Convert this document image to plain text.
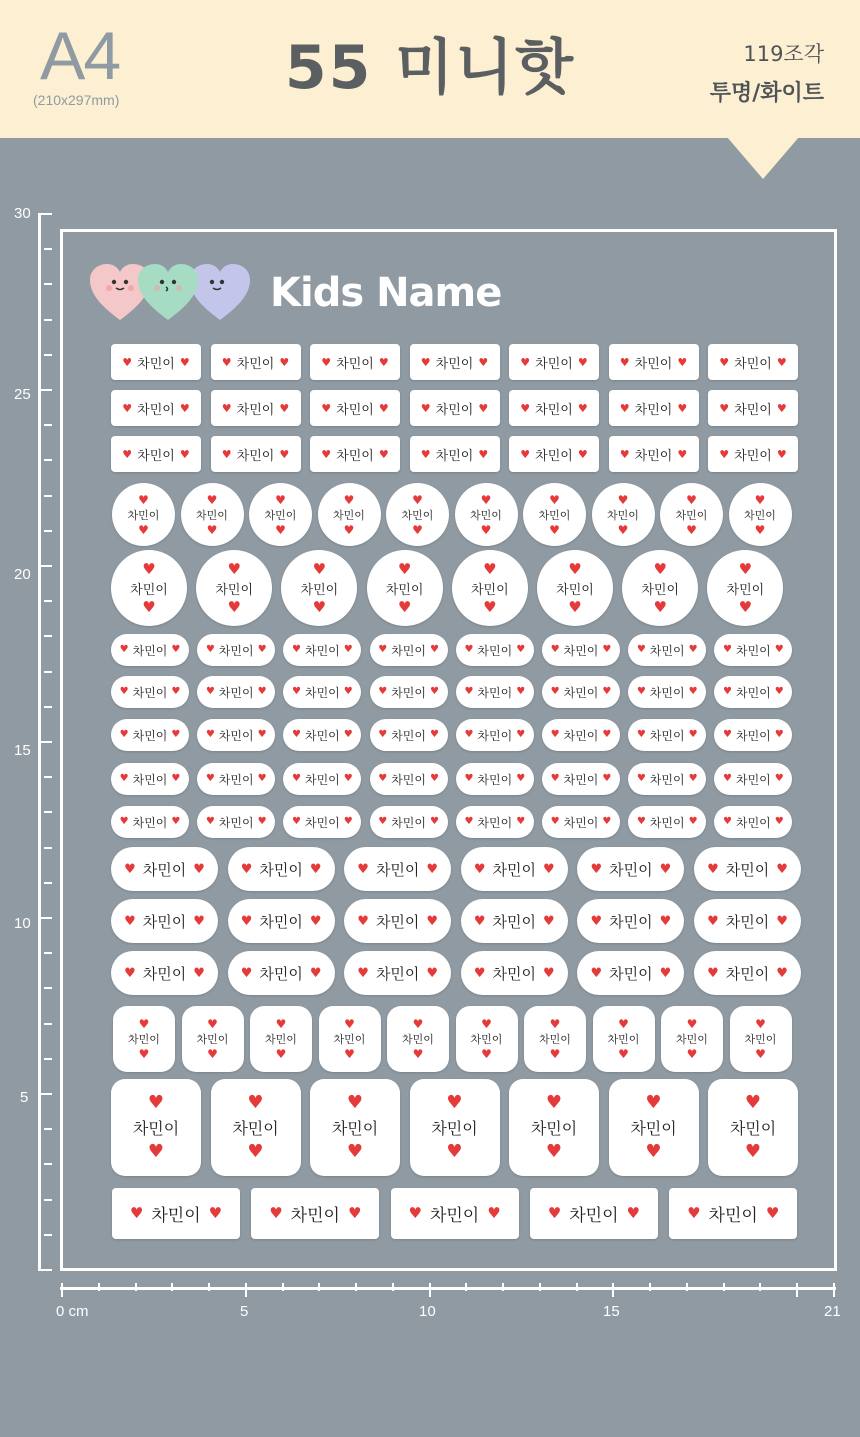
A4
(210x297mm)	55 미니핫	119조각
투명/화이트
30
25
20
15
10
5
0 cm	5	10	15	21
Kids Name
♥ 차민이 ♥	♥ 차민이 ♥	♥ 차민이 ♥	♥ 차민이 ♥	♥ 차민이 ♥	♥ 차민이 ♥	♥ 차민이 ♥
♥ 차민이 ♥	♥ 차민이 ♥	♥ 차민이 ♥	♥ 차민이 ♥	♥ 차민이 ♥	♥ 차민이 ♥	♥ 차민이 ♥
♥ 차민이 ♥	♥ 차민이 ♥	♥ 차민이 ♥	♥ 차민이 ♥	♥ 차민이 ♥	♥ 차민이 ♥	♥ 차민이 ♥
♥
차민이
♥
♥
차민이
♥
♥
차민이
♥
♥
차민이
♥
♥
차민이
♥
♥
차민이
♥
♥
차민이
♥
♥
차민이
♥
♥
차민이
♥
♥
차민이
♥
♥
차민이
♥
♥
차민이
♥
♥
차민이
♥
♥
차민이
♥
♥
차민이
♥
♥
차민이
♥
♥
차민이
♥
♥
차민이
♥
♥ 차민이 ♥	♥ 차민이 ♥	♥ 차민이 ♥	♥ 차민이 ♥	♥ 차민이 ♥	♥ 차민이 ♥	♥ 차민이 ♥	♥ 차민이 ♥
♥ 차민이 ♥	♥ 차민이 ♥	♥ 차민이 ♥	♥ 차민이 ♥	♥ 차민이 ♥	♥ 차민이 ♥	♥ 차민이 ♥	♥ 차민이 ♥
♥ 차민이 ♥	♥ 차민이 ♥	♥ 차민이 ♥	♥ 차민이 ♥	♥ 차민이 ♥	♥ 차민이 ♥	♥ 차민이 ♥	♥ 차민이 ♥
♥ 차민이 ♥	♥ 차민이 ♥	♥ 차민이 ♥	♥ 차민이 ♥	♥ 차민이 ♥	♥ 차민이 ♥	♥ 차민이 ♥	♥ 차민이 ♥
♥ 차민이 ♥	♥ 차민이 ♥	♥ 차민이 ♥	♥ 차민이 ♥	♥ 차민이 ♥	♥ 차민이 ♥	♥ 차민이 ♥	♥ 차민이 ♥
♥ 차민이 ♥	♥ 차민이 ♥	♥ 차민이 ♥	♥ 차민이 ♥	♥ 차민이 ♥	♥ 차민이 ♥
♥ 차민이 ♥	♥ 차민이 ♥	♥ 차민이 ♥	♥ 차민이 ♥	♥ 차민이 ♥	♥ 차민이 ♥
♥ 차민이 ♥	♥ 차민이 ♥	♥ 차민이 ♥	♥ 차민이 ♥	♥ 차민이 ♥	♥ 차민이 ♥
♥
차민이
♥
♥
차민이
♥
♥
차민이
♥
♥
차민이
♥
♥
차민이
♥
♥
차민이
♥
♥
차민이
♥
♥
차민이
♥
♥
차민이
♥
♥
차민이
♥
♥
차민이
♥
♥
차민이
♥
♥
차민이
♥
♥
차민이
♥
♥
차민이
♥
♥
차민이
♥
♥
차민이
♥
♥ 차민이 ♥	♥ 차민이 ♥	♥ 차민이 ♥	♥ 차민이 ♥	♥ 차민이 ♥
